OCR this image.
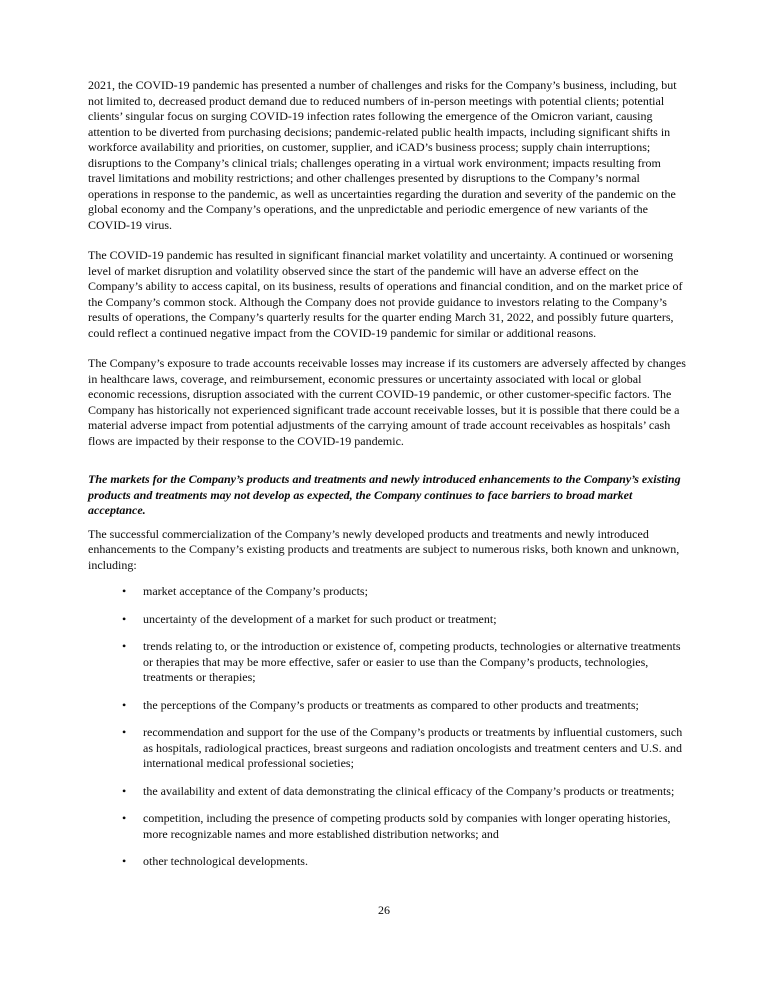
2021, the COVID-19 pandemic has presented a number of challenges and risks for the Company’s business, including, but not limited to, decreased product demand due to reduced numbers of in-person meetings with potential clients; potential clients’ singular focus on surging COVID-19 infection rates following the emergence of the Omicron variant, causing attention to be diverted from purchasing decisions; pandemic-related public health impacts, including significant shifts in workforce availability and priorities, on customer, supplier, and iCAD’s business process; supply chain interruptions; disruptions to the Company’s clinical trials; challenges operating in a virtual work environment; impacts resulting from travel limitations and mobility restrictions; and other challenges presented by disruptions to the Company’s normal operations in response to the pandemic, as well as uncertainties regarding the duration and severity of the pandemic on the global economy and the Company’s operations, and the unpredictable and periodic emergence of new variants of the COVID-19 virus.

The COVID-19 pandemic has resulted in significant financial market volatility and uncertainty. A continued or worsening level of market disruption and volatility observed since the start of the pandemic will have an adverse effect on the Company’s ability to access capital, on its business, results of operations and financial condition, and on the market price of the Company’s common stock. Although the Company does not provide guidance to investors relating to the Company’s results of operations, the Company’s quarterly results for the quarter ending March 31, 2022, and possibly future quarters, could reflect a continued negative impact from the COVID-19 pandemic for similar or additional reasons.

The Company’s exposure to trade accounts receivable losses may increase if its customers are adversely affected by changes in healthcare laws, coverage, and reimbursement, economic pressures or uncertainty associated with local or global economic recessions, disruption associated with the current COVID-19 pandemic, or other customer-specific factors. The Company has historically not experienced significant trade account receivable losses, but it is possible that there could be a material adverse impact from potential adjustments of the carrying amount of trade account receivables as hospitals’ cash flows are impacted by their response to the COVID-19 pandemic.

The markets for the Company’s products and treatments and newly introduced enhancements to the Company’s existing products and treatments may not develop as expected, the Company continues to face barriers to broad market acceptance.

The successful commercialization of the Company’s newly developed products and treatments and newly introduced enhancements to the Company’s existing products and treatments are subject to numerous risks, both known and unknown, including:

•	market acceptance of the Company’s products;
•	uncertainty of the development of a market for such product or treatment;
•	trends relating to, or the introduction or existence of, competing products, technologies or alternative treatments or therapies that may be more effective, safer or easier to use than the Company’s products, technologies, treatments or therapies;
•	the perceptions of the Company’s products or treatments as compared to other products and treatments;
•	recommendation and support for the use of the Company’s products or treatments by influential customers, such as hospitals, radiological practices, breast surgeons and radiation oncologists and treatment centers and U.S. and international medical professional societies;
•	the availability and extent of data demonstrating the clinical efficacy of the Company’s products or treatments;
•	competition, including the presence of competing products sold by companies with longer operating histories, more recognizable names and more established distribution networks; and
•	other technological developments.
26
